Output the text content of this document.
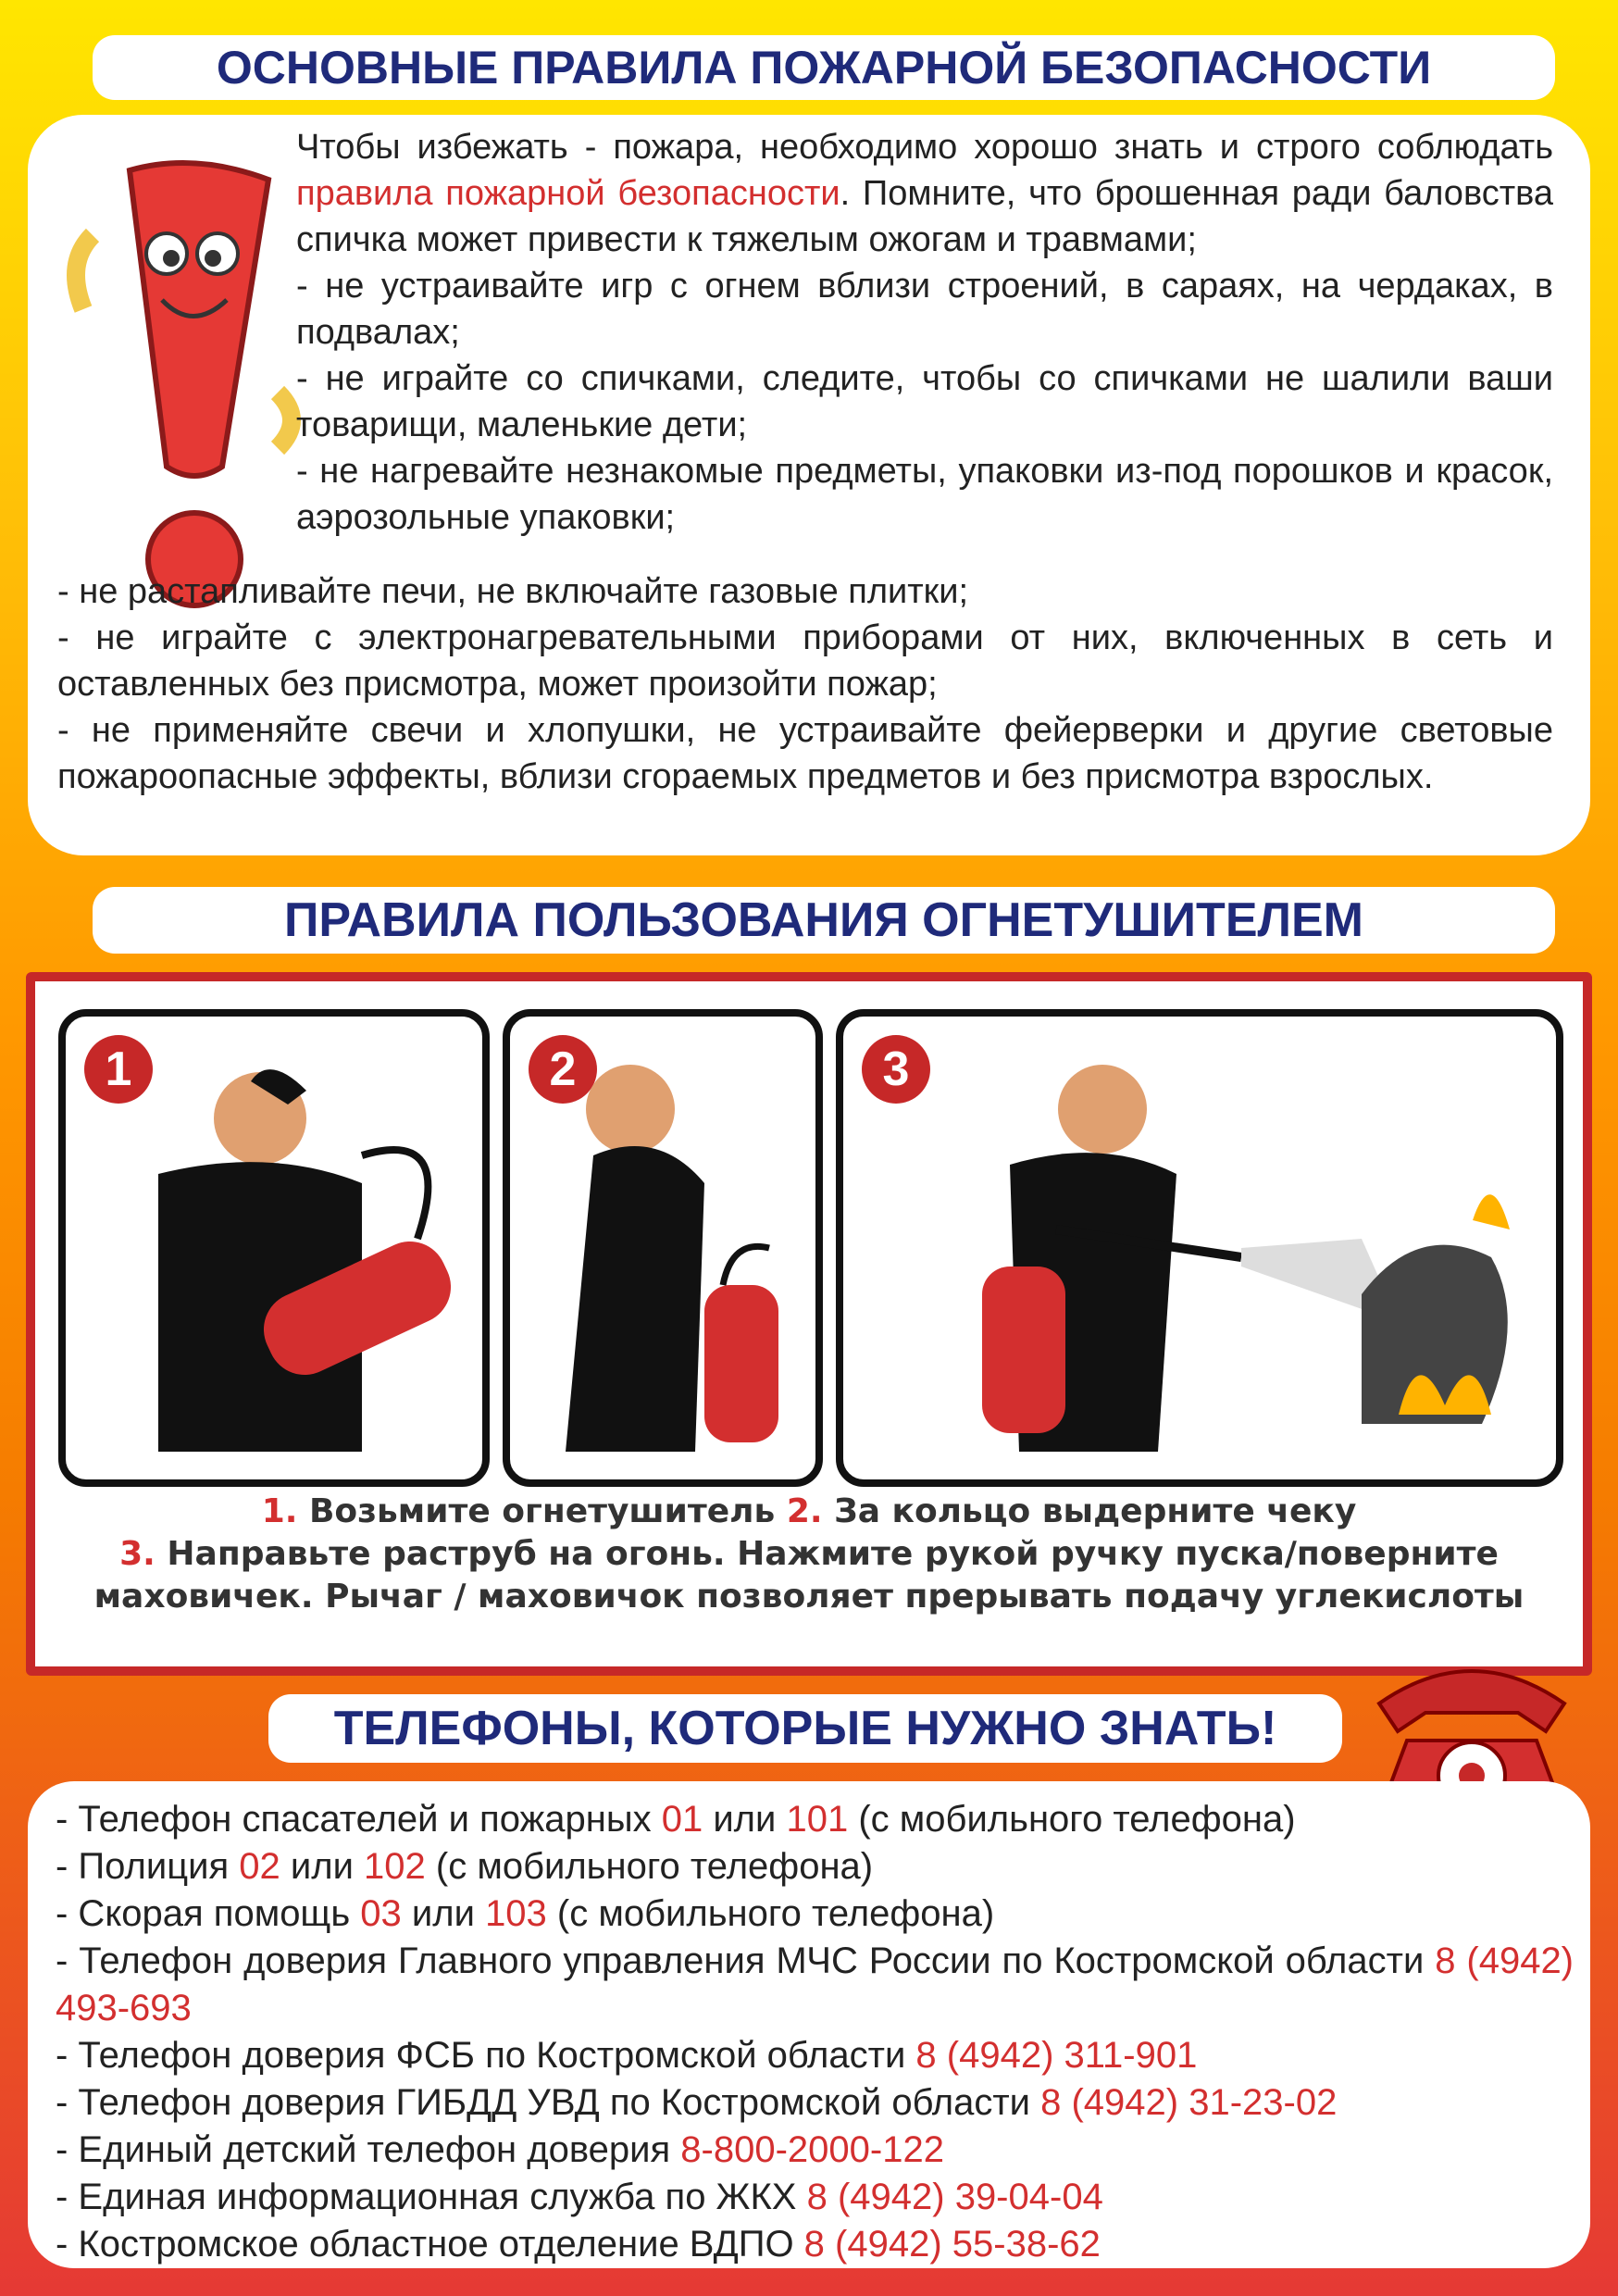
ОСНОВНЫЕ ПРАВИЛА ПОЖАРНОЙ БЕЗОПАСНОСТИ

Чтобы избежать - пожара, необходимо хорошо знать и строго соблюдать правила пожарной безопасности. Помните, что брошенная ради баловства спичка может привести к тяжелым ожогам и травмами;

- не устраивайте игр с огнем вблизи строений, в сараях, на чердаках, в подвалах;

- не играйте со спичками, следите, чтобы со спичками не шалили ваши товарищи, маленькие дети;

- не нагревайте незнакомые предметы, упаковки из-под порошков и красок, аэрозольные упаковки;

- не растапливайте печи, не включайте газовые плитки;

- не играйте с электронагревательными приборами от них, включенных в сеть и оставленных без присмотра, может произойти пожар;

- не применяйте свечи и хлопушки, не устраивайте фейерверки и другие световые пожароопасные эффекты, вблизи сгораемых предметов и без присмотра взрослых.

ПРАВИЛА ПОЛЬЗОВАНИЯ ОГНЕТУШИТЕЛЕМ
1	2	3
1. Возьмите огнетушитель 2. За кольцо выдерните чеку
3. Направьте раструб на огонь. Нажмите рукой ручку пуска/поверните маховичек. Рычаг / маховичок позволяет прерывать подачу углекислоты
ТЕЛЕФОНЫ, КОТОРЫЕ НУЖНО ЗНАТЬ!

- Телефон спасателей и пожарных 01 или 101 (с мобильного телефона)

- Полиция 02 или 102 (с мобильного телефона)

- Скорая помощь 03 или 103 (с мобильного телефона)

- Телефон доверия Главного управления МЧС России по Костромской области 8 (4942) 493-693

- Телефон доверия ФСБ по Костромской области 8 (4942) 311-901

- Телефон доверия ГИБДД УВД по Костромской области 8 (4942) 31-23-02

- Единый детский телефон доверия 8-800-2000-122

- Единая информационная служба по ЖКХ 8 (4942) 39-04-04

- Костромское областное отделение ВДПО 8 (4942) 55-38-62
